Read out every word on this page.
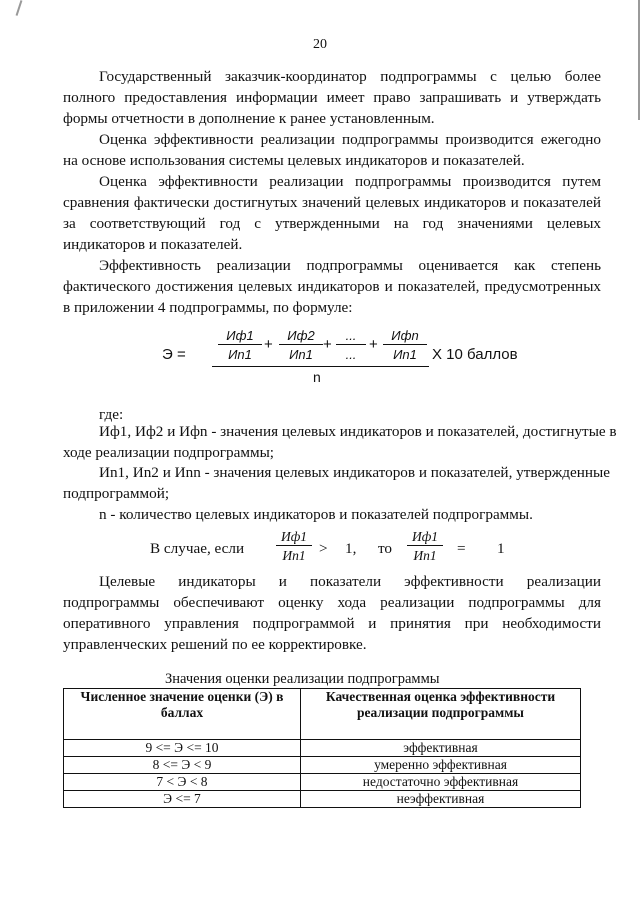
20
Государственный заказчик-координатор подпрограммы с целью более
полного предоставления информации имеет право запрашивать и утверждать
формы отчетности в дополнение к ранее установленным.
Оценка эффективности реализации подпрограммы производится ежегодно
на основе использования системы целевых индикаторов и показателей.
Оценка эффективности реализации подпрограммы производится путем
сравнения фактически достигнутых значений целевых индикаторов и показателей
за соответствующий год с утвержденными на год значениями целевых
индикаторов и показателей.
Эффективность реализации подпрограммы оценивается как степень
фактического достижения целевых индикаторов и показателей, предусмотренных
в приложении 4 подпрограммы, по формуле:
Э =
Иф1
Иn1
+
Иф2
Иn1
+
...
...
+
Ифn
Иn1	X 10 баллов
n
где:
Иф1, Иф2 и Ифn - значения целевых индикаторов и показателей, достигнутые в
ходе реализации подпрограммы;
Иn1, Иn2 и Иnn - значения целевых индикаторов и показателей, утвержденные
подпрограммой;
n - количество целевых индикаторов и показателей подпрограммы.
В случае, если
Иф1
Иn1 > 1, то
Иф1
Иn1	= 1
Целевые индикаторы и показатели эффективности реализации
подпрограммы обеспечивают оценку хода реализации подпрограммы для
оперативного управления подпрограммой и принятия при необходимости
управленческих решений по ее корректировке.
Значения оценки реализации подпрограммы
Численное значение оценки (Э) в баллах	Качественная оценка эффективности реализации подпрограммы
9 <= Э <= 10	эффективная
8 <= Э < 9	умеренно эффективная
7 < Э < 8	недостаточно эффективная
Э <= 7	неэффективная
